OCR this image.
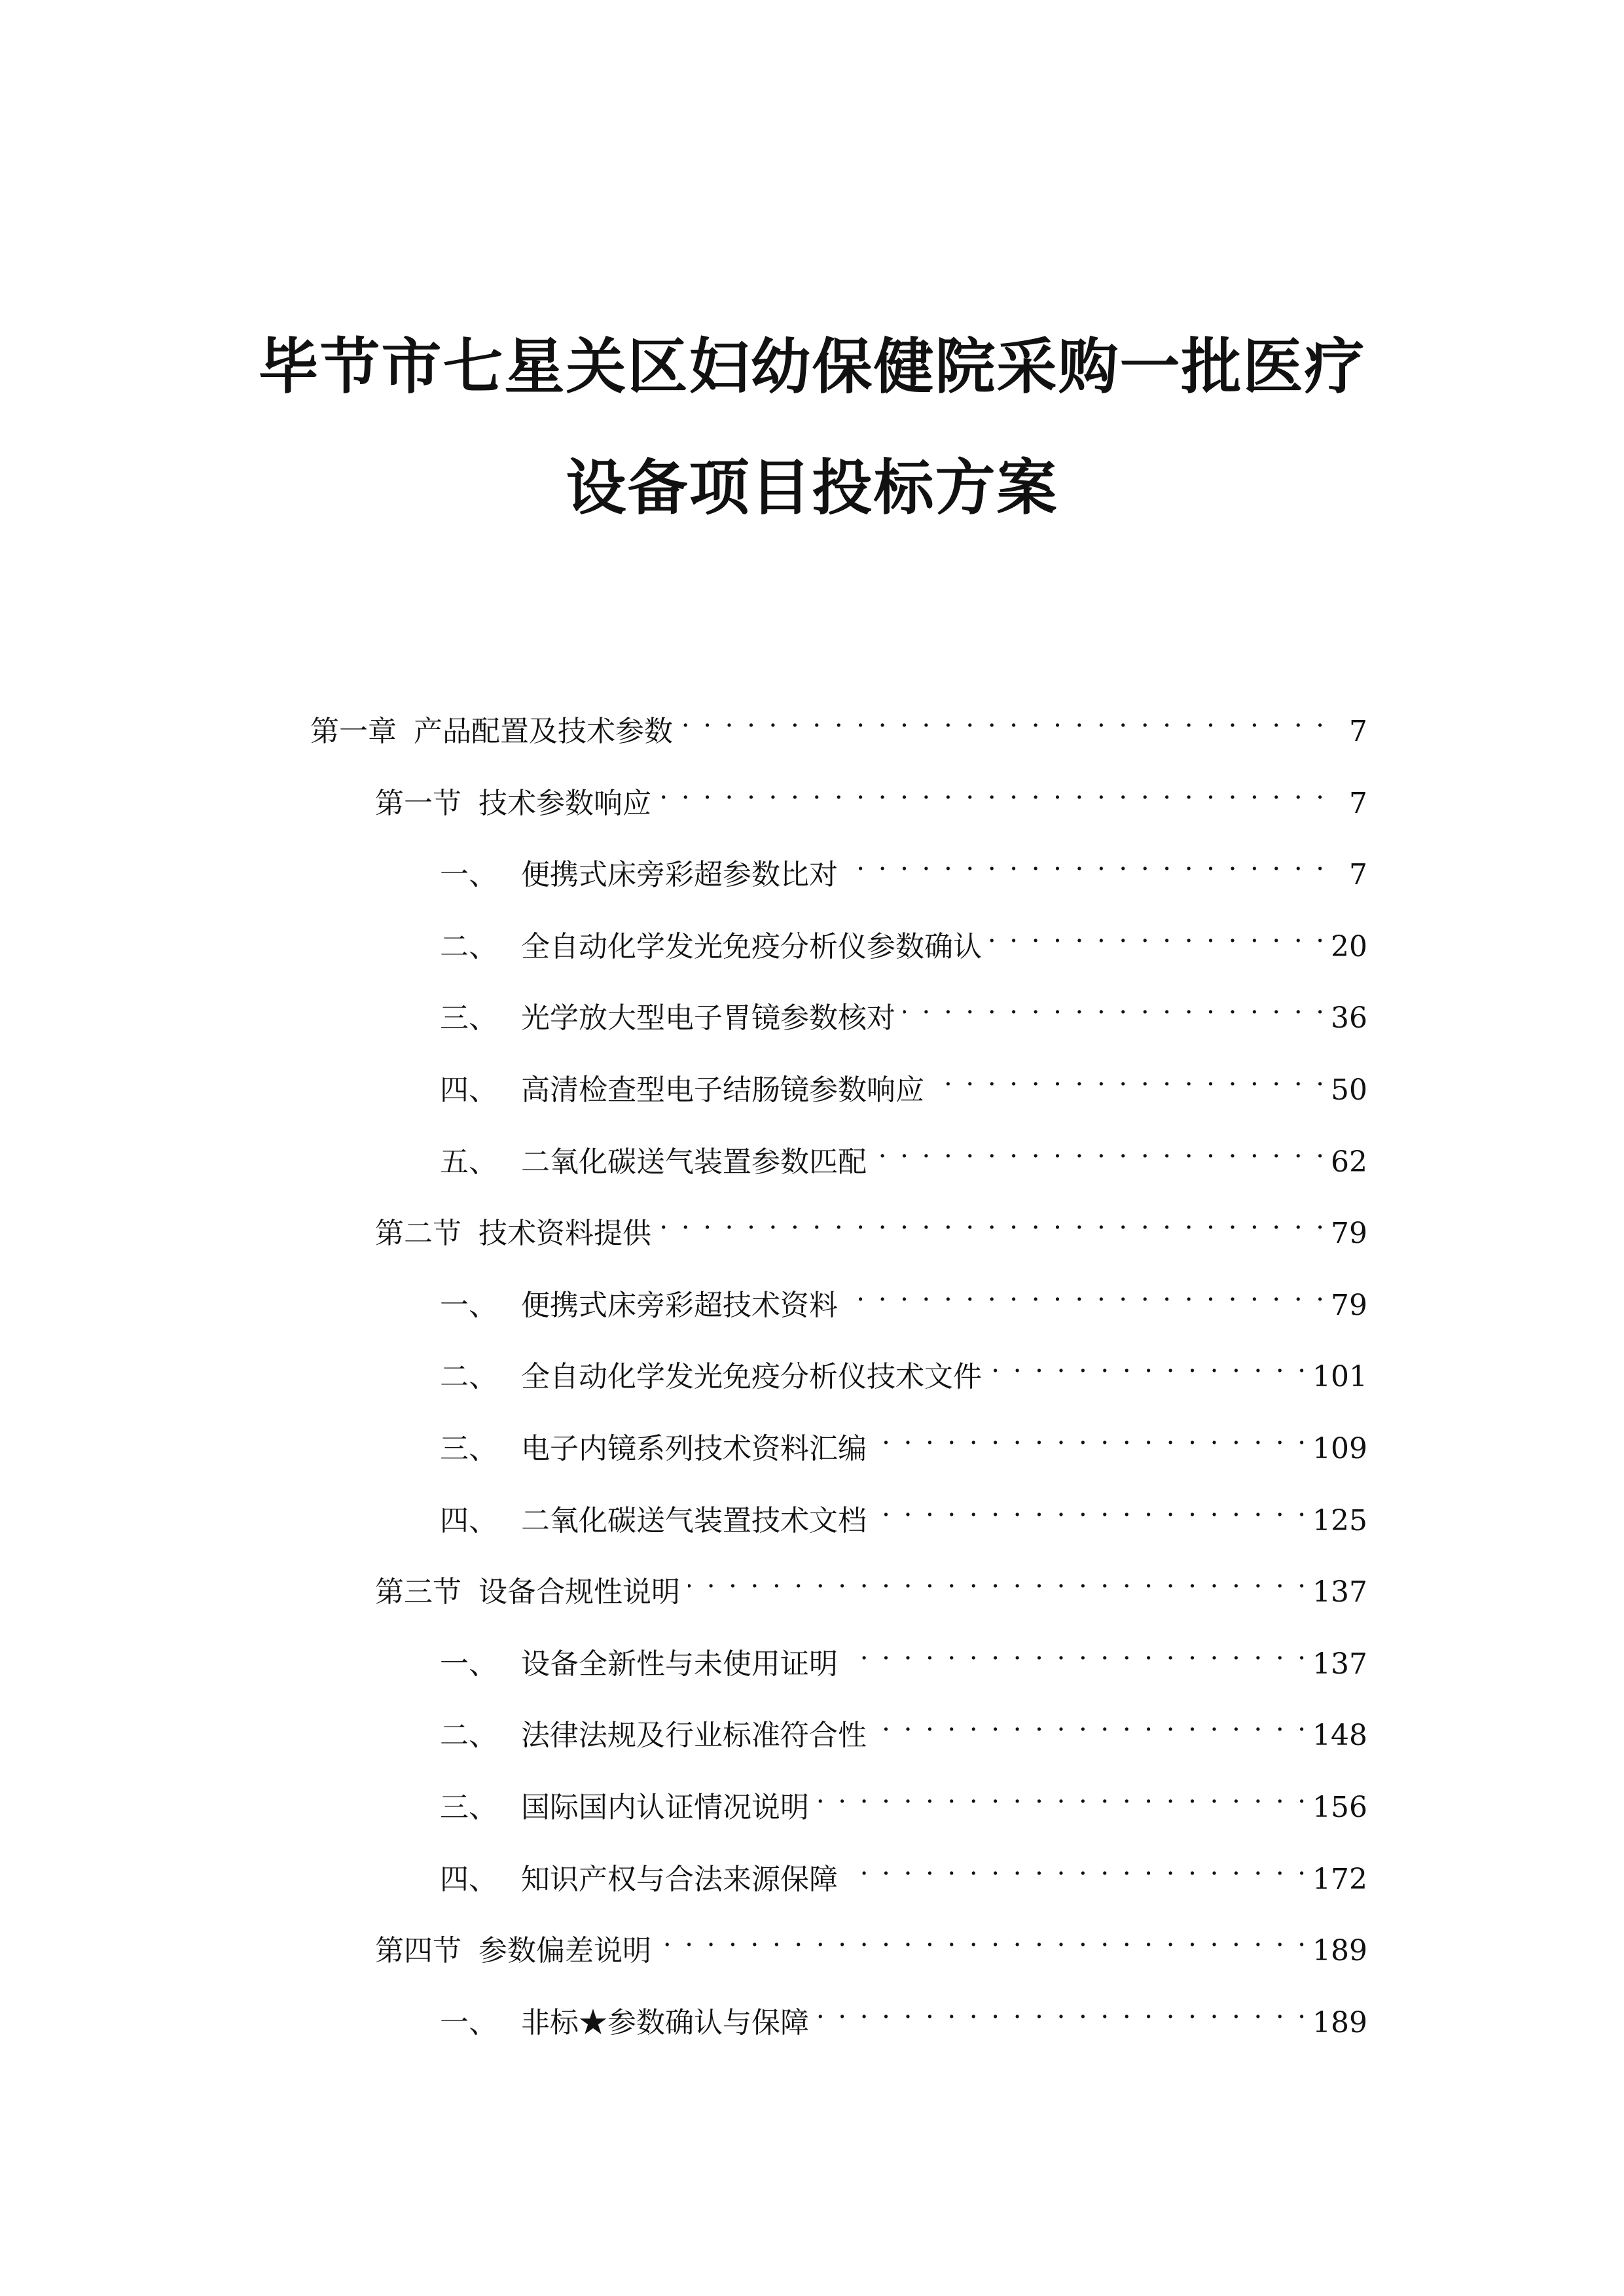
毕节市七星关区妇幼保健院采购一批医疗
设备项目投标方案
第一章 产品配置及技术参数 . . .	7
第一节 技术参数响应 . . .	7
一、 便携式床旁彩超参数比对 . . .	7
二、 全自动化学发光免疫分析仪参数确认 . . .	20
三、 光学放大型电子胃镜参数核对 . . .	36
四、 高清检查型电子结肠镜参数响应 . . .	50
五、 二氧化碳送气装置参数匹配 . . .	62
第二节 技术资料提供 . . .	79
一、 便携式床旁彩超技术资料 . . .	79
二、 全自动化学发光免疫分析仪技术文件 . . .	101
三、 电子内镜系列技术资料汇编 . . .	109
四、 二氧化碳送气装置技术文档 . . .	125
第三节 设备合规性说明 . . .	137
一、 设备全新性与未使用证明 . . .	137
二、 法律法规及行业标准符合性 . . .	148
三、 国际国内认证情况说明 . . .	156
四、 知识产权与合法来源保障 . . .	172
第四节 参数偏差说明 . . .	189
一、 非标★参数确认与保障 . . .	189
